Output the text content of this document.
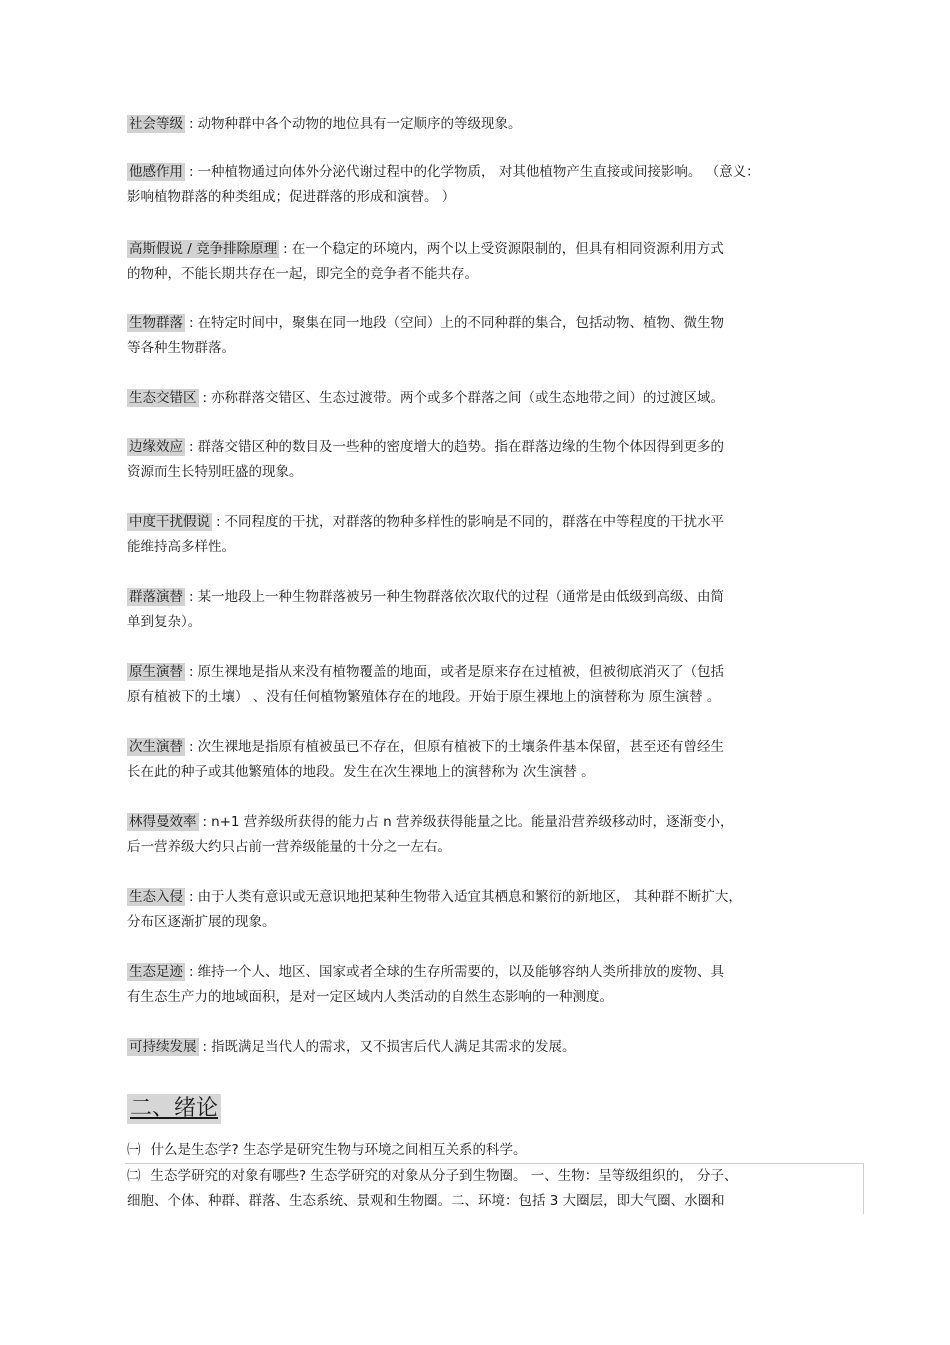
社会等级 : 动物种群中各个动物的地位具有一定顺序的等级现象。
他感作用 : 一种植物通过向体外分泌代谢过程中的化学物质， 对其他植物产生直接或间接影响。 （意义：
影响植物群落的种类组成；促进群落的形成和演替。 ）
高斯假说 / 竞争排除原理 : 在一个稳定的环境内，两个以上受资源限制的，但具有相同资源利用方式
的物种，不能长期共存在一起，即完全的竞争者不能共存。
生物群落 : 在特定时间中，聚集在同一地段（空间）上的不同种群的集合，包括动物、植物、微生物
等各种生物群落。
生态交错区 : 亦称群落交错区、生态过渡带。两个或多个群落之间（或生态地带之间）的过渡区域。
边缘效应 : 群落交错区种的数目及一些种的密度增大的趋势。指在群落边缘的生物个体因得到更多的
资源而生长特别旺盛的现象。
中度干扰假说 : 不同程度的干扰，对群落的物种多样性的影响是不同的，群落在中等程度的干扰水平
能维持高多样性。
群落演替 : 某一地段上一种生物群落被另一种生物群落依次取代的过程（通常是由低级到高级、由简
单到复杂）。
原生演替 : 原生裸地是指从来没有植物覆盖的地面，或者是原来存在过植被，但被彻底消灭了（包括
原有植被下的土壤） 、没有任何植物繁殖体存在的地段。开始于原生裸地上的演替称为 原生演替 。
次生演替 : 次生裸地是指原有植被虽已不存在，但原有植被下的土壤条件基本保留，甚至还有曾经生
长在此的种子或其他繁殖体的地段。发生在次生裸地上的演替称为 次生演替 。
林得曼效率 : n+1 营养级所获得的能力占 n 营养级获得能量之比。能量沿营养级移动时，逐渐变小，
后一营养级大约只占前一营养级能量的十分之一左右。
生态入侵 : 由于人类有意识或无意识地把某种生物带入适宜其栖息和繁衍的新地区， 其种群不断扩大，
分布区逐渐扩展的现象。
生态足迹 : 维持一个人、地区、国家或者全球的生存所需要的，以及能够容纳人类所排放的废物、具
有生态生产力的地域面积，是对一定区域内人类活动的自然生态影响的一种测度。
可持续发展 : 指既满足当代人的需求，又不损害后代人满足其需求的发展。
二、绪论
㈠ 什么是生态学? 生态学是研究生物与环境之间相互关系的科学。
㈡ 生态学研究的对象有哪些? 生态学研究的对象从分子到生物圈。 一、生物：呈等级组织的， 分子、
细胞、个体、种群、群落、生态系统、景观和生物圈。二、环境：包括 3 大圈层，即大气圈、水圈和
